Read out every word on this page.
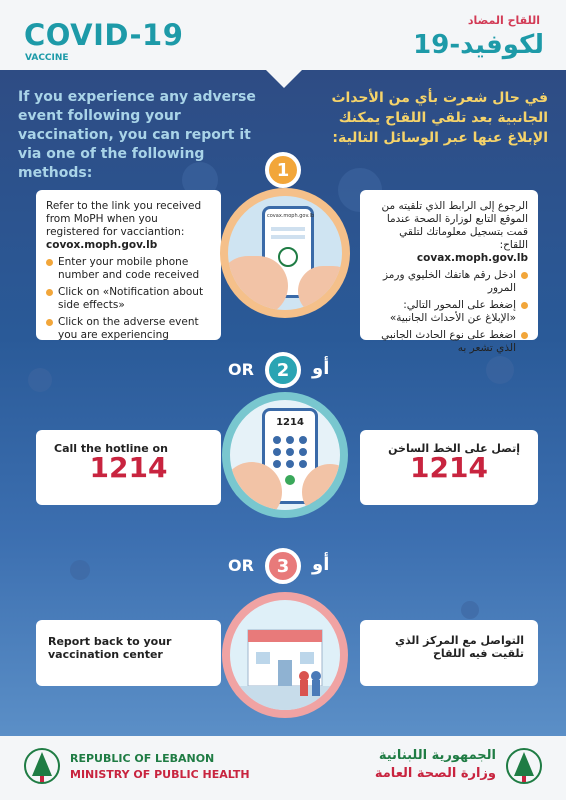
COVID-19
VACCINE
اللقاح المضاد
لكوفيد-19
If you experience any adverse event following your vaccination, you can report it via one of the following methods:
في حال شعرت بأي من الأحداث الجانبية بعد تلقي اللقاح يمكنك الإبلاغ عنها عبر الوسائل التالية:
1
Refer to the link you received from MoPH when you registered for vacciantion:
covox.moph.gov.lb
Enter your mobile phone number and code received
Click on «Notification about side effects»
Click on the adverse event you are experiencing
covax.moph.gov.lb
الرجوع إلى الرابط الذي تلقيته من الموقع التابع لوزارة الصحة عندما قمت بتسجيل معلوماتك لتلقي اللقاح:
covax.moph.gov.lb
ادخل رقم هاتفك الخليوي ورمز المرور
إضغط على المحور التالي: «الإبلاغ عن الأحداث الجانبية»
اضغط على نوع الحادث الجانبي الذي تشعر به
OR	2	أو
Call the hotline on
1214
1214
إتصل على الخط الساخن
1214
OR	3	أو
Report back to your vaccination center
VACCINATION CENTER	التواصل مع المركز الذي تلقيت فيه اللقاح
REPUBLIC OF LEBANON
MINISTRY OF PUBLIC HEALTH
الجمهورية اللبنانية
وزارة الصحة العامة
